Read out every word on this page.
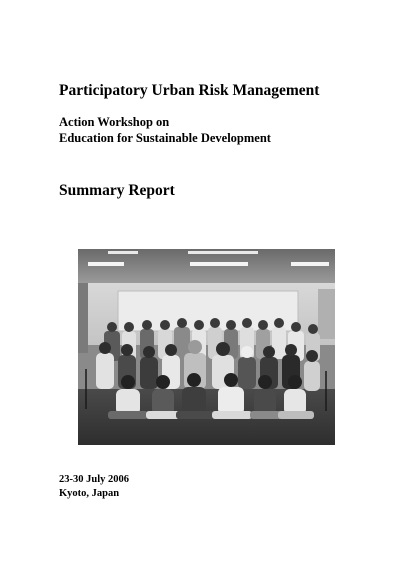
Participatory Urban Risk Management
Action Workshop on
Education for Sustainable Development
Summary Report
23-30 July 2006
Kyoto, Japan
